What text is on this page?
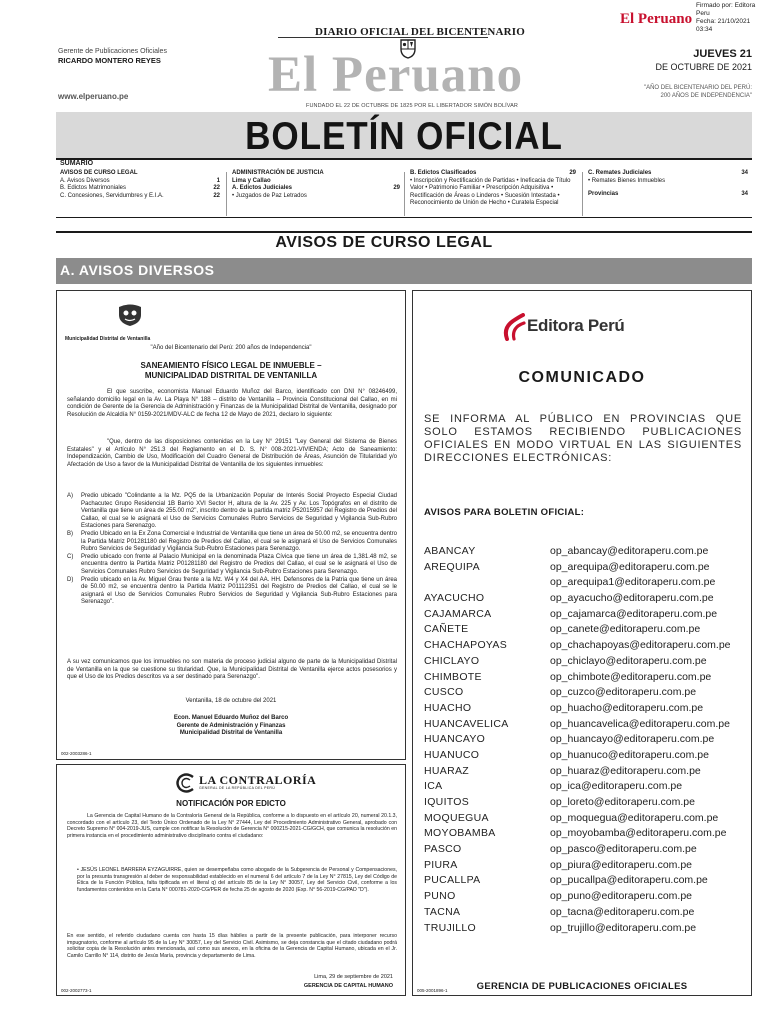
El Peruano
Firmado por: Editora
Peru
Fecha: 21/10/2021 03:34
DIARIO OFICIAL DEL BICENTENARIO
Gerente de Publicaciones Oficiales
RICARDO MONTERO REYES El Peruano	JUEVES 21
DE OCTUBRE DE 2021
"AÑO DEL BICENTENARIO DEL PERÚ:
200 AÑOS DE INDEPENDENCIA"
www.elperuano.pe
FUNDADO EL 22 DE OCTUBRE DE 1825 POR EL LIBERTADOR SIMÓN BOLÍVAR
BOLETÍN OFICIAL
SUMARIO
AVISOS DE CURSO LEGAL
A. Avisos Diversos	1
B. Edictos Matrimoniales	22
C. Concesiones, Servidumbres y E.I.A.	22
ADMINISTRACIÓN DE JUSTICIA
Lima y Callao
A. Edictos Judiciales	29
• Juzgados de Paz Letrados
B. Edictos Clasificados	29
• Inscripción y Rectificación de Partidas • Ineficacia de Título Valor • Patrimonio Familiar • Prescripción Adquisitiva • Rectificación de Áreas o Linderos • Sucesión Intestada • Reconocimiento de Unión de Hecho • Curatela Especial
C. Remates Judiciales	34
• Remates Bienes Inmuebles
Provincias	34
AVISOS DE CURSO LEGAL
A. AVISOS DIVERSOS
Municipalidad Distrital de Ventanilla
"Año del Bicentenario del Perú: 200 años de Independencia"
SANEAMIENTO FÍSICO LEGAL DE INMUEBLE –
MUNICIPALIDAD DISTRITAL DE VENTANILLA
El que suscribe, economista Manuel Eduardo Muñoz del Barco, identificado con DNI N° 08246499, señalando domicilio legal en la Av. La Playa N° 188 – distrito de Ventanilla – Provincia Constitucional del Callao, en mi condición de Gerente de la Gerencia de Administración y Finanzas de la Municipalidad Distrital de Ventanilla, designado por Resolución de Alcaldía N° 0159-2021/MDV-ALC de fecha 12 de Mayo de 2021, declaro lo siguiente:
"Que, dentro de las disposiciones contenidas en la Ley N° 29151 "Ley General del Sistema de Bienes Estatales" y el Artículo N° 251.3 del Reglamento en el D. S. N° 008-2021-VIVIENDA; Acto de Saneamiento: Independización, Cambio de Uso, Modificación del Cuadro General de Distribución de Áreas, Asunción de Titularidad y/o Afectación de Uso a favor de la Municipalidad Distrital de Ventanilla de los siguientes inmuebles:
A)	Predio ubicado "Colindante a la Mz. PQ5 de la Urbanización Popular de Interés Social Proyecto Especial Ciudad Pachacutec Grupo Residencial 1B Barrio XVI Sector H, altura de la Av. 225 y Av. Los Topógrafos en el distrito de Ventanilla que tiene un área de 255.00 m2", inscrito dentro de la partida matriz P52015957 del Registro de Predios del Callao, el cual se le asignará el Uso de Servicios Comunales Rubro Servicios de Seguridad y Vigilancia Sub-Rubro Estaciones para Serenazgo.
B)	Predio Ubicado en la Ex Zona Comercial e Industrial de Ventanilla que tiene un área de 50.00 m2, se encuentra dentro la Partida Matriz P01281180 del Registro de Predios del Callao, el cual se le asignará el Uso de Servicios Comunales Rubro Servicios de Seguridad y Vigilancia Sub-Rubro Estaciones para Serenazgo.
C)	Predio ubicado con frente al Palacio Municipal en la denominada Plaza Cívica que tiene un área de 1,381.48 m2, se encuentra dentro la Partida Matriz P01281180 del Registro de Predios del Callao, el cual se le asignará el Uso de Servicios Comunales Rubro Servicios de Seguridad y Vigilancia Sub-Rubro Estaciones para Serenazgo.
D)	Predio ubicado en la Av. Miguel Grau frente a la Mz. W4 y X4 del AA. HH. Defensores de la Patria que tiene un área de 50.00 m2, se encuentra dentro la Partida Matriz P01112351 del Registro de Predios del Callao, el cual se le asignará el Uso de Servicios Comunales Rubro Servicios de Seguridad y Vigilancia Sub-Rubro Estaciones para Serenazgo".
A su vez comunicamos que los inmuebles no son materia de proceso judicial alguno de parte de la Municipalidad Distrital de Ventanilla en la que se cuestione su titularidad. Que, la Municipalidad Distrital de Ventanilla ejerce actos posesorios y que el Uso de los Predios descritos va a ser destinado para Serenazgo".
Ventanilla, 18 de octubre del 2021
Econ. Manuel Eduardo Muñoz del Barco
Gerente de Administración y Finanzas
Municipalidad Distrital de Ventanilla
002-2003286-1
LA CONTRALORÍA
GENERAL DE LA REPÚBLICA DEL PERÚ
NOTIFICACIÓN POR EDICTO
La Gerencia de Capital Humano de la Contraloría General de la República, conforme a lo dispuesto en el artículo 20, numeral 20.1.3, concordado con el artículo 23, del Texto Único Ordenado de la Ley N° 27444, Ley del Procedimiento Administrativo General, aprobado con Decreto Supremo N° 004-2019-JUS, cumple con notificar la Resolución de Gerencia N° 000215-2021-CG/GCH, que comunica la resolución en primera instancia en el procedimiento administrativo disciplinario contra el ciudadano:
• JESÚS LEONEL BARRERA EYZAGUIRRE, quien se desempeñaba como abogado de la Subgerencia de Personal y Compensaciones, por la presunta transgresión al deber de responsabilidad establecido en el numeral 6 del artículo 7 de la Ley N° 27815, Ley del Código de Ética de la Función Pública, falta tipificada en el literal q) del artículo 85 de la Ley N° 30057, Ley del Servicio Civil, conforme a los fundamentos contenidos en la Carta N° 000781-2020-CG/PER de fecha 25 de agosto de 2020 (Exp. N° 56-2019-CG/PAD "D").
En ese sentido, el referido ciudadano cuenta con hasta 15 días hábiles a partir de la presente publicación, para interponer recurso impugnatorio, conforme al artículo 95 de la Ley N° 30057, Ley del Servicio Civil. Asimismo, se deja constancia que el citado ciudadano podrá solicitar copia de la Resolución antes mencionada, así como sus anexos, en la oficina de la Gerencia de Capital Humano, ubicada en el Jr. Camilo Carrillo N° 114, distrito de Jesús María, provincia y departamento de Lima.
Lima, 29 de septiembre de 2021
GERENCIA DE CAPITAL HUMANO
002-2002773-1
Editora Perú
COMUNICADO
SE INFORMA AL PÚBLICO EN PROVINCIAS QUE SOLO ESTAMOS RECIBIENDO PUBLICACIONES OFICIALES EN MODO VIRTUAL EN LAS SIGUIENTES DIRECCIONES ELECTRÓNICAS:
AVISOS PARA BOLETIN OFICIAL:
ABANCAY	op_abancay@editoraperu.com.pe
AREQUIPA	op_arequipa@editoraperu.com.pe
op_arequipa1@editoraperu.com.pe
AYACUCHO	op_ayacucho@editoraperu.com.pe
CAJAMARCA	op_cajamarca@editoraperu.com.pe
CAÑETE	op_canete@editoraperu.com.pe
CHACHAPOYAS	op_chachapoyas@editoraperu.com.pe
CHICLAYO	op_chiclayo@editoraperu.com.pe
CHIMBOTE	op_chimbote@editoraperu.com.pe
CUSCO	op_cuzco@editoraperu.com.pe
HUACHO	op_huacho@editoraperu.com.pe
HUANCAVELICA	op_huancavelica@editoraperu.com.pe
HUANCAYO	op_huancayo@editoraperu.com.pe
HUANUCO	op_huanuco@editoraperu.com.pe
HUARAZ	op_huaraz@editoraperu.com.pe
ICA	op_ica@editoraperu.com.pe
IQUITOS	op_loreto@editoraperu.com.pe
MOQUEGUA	op_moquegua@editoraperu.com.pe
MOYOBAMBA	op_moyobamba@editoraperu.com.pe
PASCO	op_pasco@editoraperu.com.pe
PIURA	op_piura@editoraperu.com.pe
PUCALLPA	op_pucallpa@editoraperu.com.pe
PUNO	op_puno@editoraperu.com.pe
TACNA	op_tacna@editoraperu.com.pe
TRUJILLO	op_trujillo@editoraperu.com.pe
GERENCIA DE PUBLICACIONES OFICIALES
005-2001896-1
